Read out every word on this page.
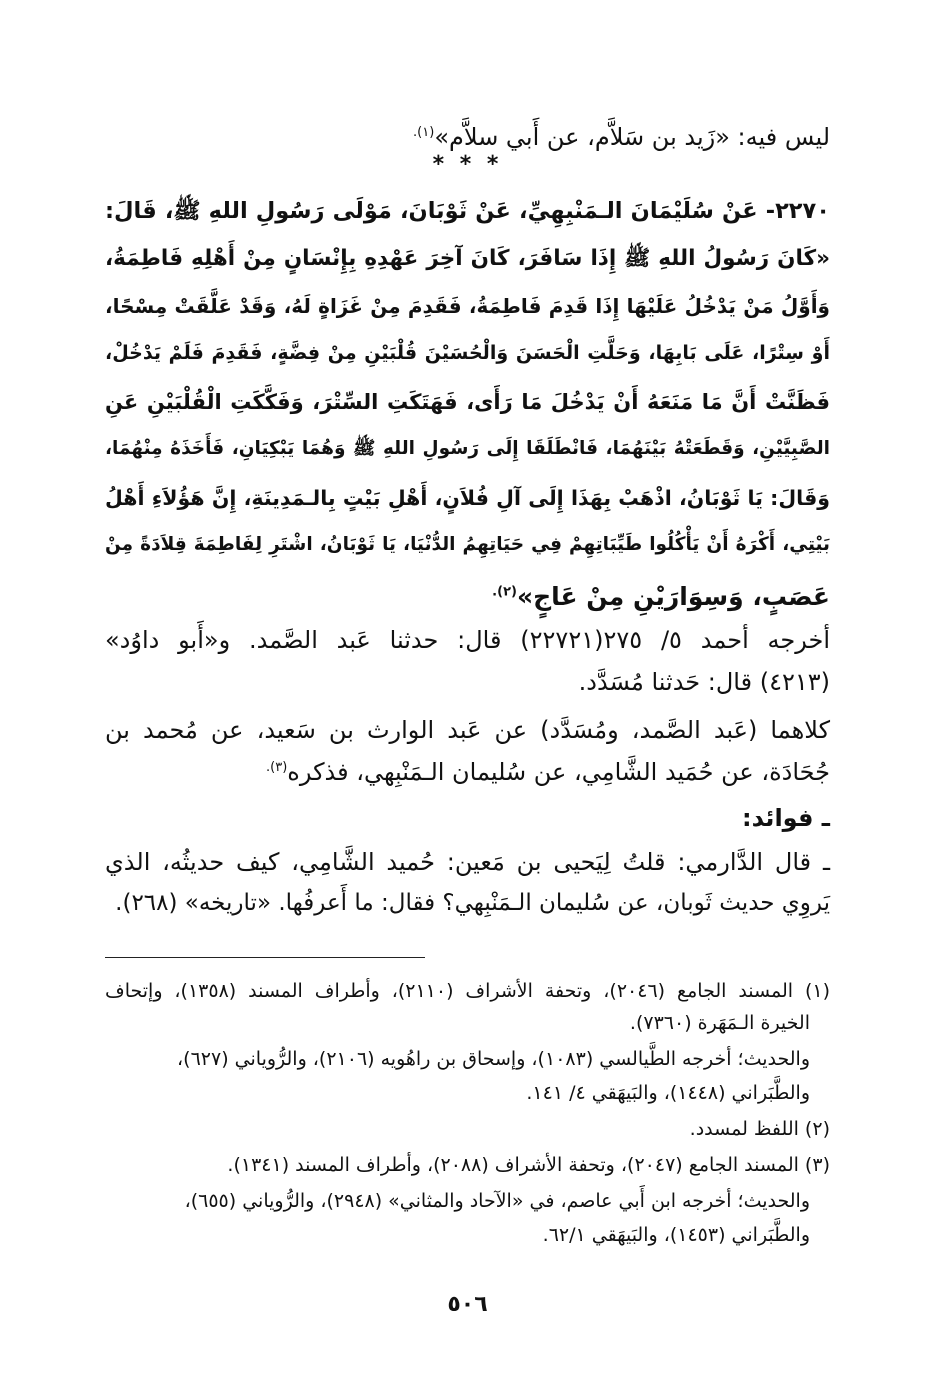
ليس فيه: «زَيد بن سَلاَّم، عن أَبي سلاَّم»$^{(١).}$
* * *
٢٢٧٠- عَنْ سُلَيْمَانَ الـمَنْبِهِيِّ، عَنْ ثَوْبَانَ، مَوْلَى رَسُولِ اللهِ ﷺ، قَالَ:
«كَانَ رَسُولُ اللهِ ﷺ إِذَا سَافَرَ، كَانَ آخِرَ عَهْدِهِ بِإِنْسَانٍ مِنْ أَهْلِهِ فَاطِمَةُ،
وَأَوَّلُ مَنْ يَدْخُلُ عَلَيْهَا إِذَا قَدِمَ فَاطِمَةُ، فَقَدِمَ مِنْ غَزَاةٍ لَهُ، وَقَدْ عَلَّقَتْ مِسْحًا،
أَوْ سِتْرًا، عَلَى بَابِهَا، وَحَلَّتِ الْحَسَنَ وَالْحُسَيْنَ قُلْبَيْنِ مِنْ فِضَّةٍ، فَقَدِمَ فَلَمْ يَدْخُلْ،
فَظَنَّتْ أَنَّ مَا مَنَعَهُ أَنْ يَدْخُلَ مَا رَأَى، فَهَتَكَتِ السِّتْرَ، وَفَكَّكَتِ الْقُلْبَيْنِ عَنِ
الصَّبِيَّيْنِ، وَقَطَعَتْهُ بَيْنَهُمَا، فَانْطَلَقَا إِلَى رَسُولِ اللهِ ﷺ وَهُمَا يَبْكِيَانِ، فَأَخَذَهُ مِنْهُمَا،
وَقَالَ: يَا ثَوْبَانُ، اذْهَبْ بِهَذَا إِلَى آلِ فُلاَنٍ، أَهْلِ بَيْتٍ بِالـمَدِينَةِ، إِنَّ هَؤُلاَءِ أَهْلُ
بَيْتِي، أَكْرَهُ أَنْ يَأْكُلُوا طَيِّبَاتِهِمْ فِي حَيَاتِهِمُ الدُّنْيَا، يَا ثَوْبَانُ، اشْتَرِ لِفَاطِمَةَ قِلاَدَةً مِنْ
عَصَبٍ، وَسِوَارَيْنِ مِنْ عَاجٍ»$^{(٢).}$
أخرجه أحمد ٥/ ٢٧٥(٢٢٧٢١) قال: حدثنا عَبد الصَّمد. و«أَبو داوُد»
(٤٢١٣) قال: حَدثنا مُسَدَّد.
كلاهما (عَبد الصَّمد، ومُسَدَّد) عن عَبد الوارث بن سَعيد، عن مُحمد بن
جُحَادَة، عن حُمَيد الشَّامِي، عن سُليمان الـمَنْبِهي، فذكره$^{(٣).}$
ـ فوائد:
ـ قال الدَّارمي: قلتُ لِيَحيى بن مَعين: حُميد الشَّامِي، كيف حديثُه، الذي
يَروِي حديث ثَوبان، عن سُليمان الـمَنْبِهي؟ فقال: ما أَعرفُها. «تاريخه» (٢٦٨).
(١) المسند الجامع (٢٠٤٦)، وتحفة الأشراف (٢١١٠)، وأطراف المسند (١٣٥٨)، وإتحاف
الخيرة الـمَهَرة (٧٣٦٠).
والحديث؛ أخرجه الطَّيالسي (١٠٨٣)، وإسحاق بن راهُويه (٢١٠٦)، والرُّوياني (٦٢٧)،
والطَّبَراني (١٤٤٨)، والبَيهَقي ٤/ ١٤١.
(٢) اللفظ لمسدد.
(٣) المسند الجامع (٢٠٤٧)، وتحفة الأشراف (٢٠٨٨)، وأطراف المسند (١٣٤١).
والحديث؛ أخرجه ابن أَبي عاصم، في «الآحاد والمثاني» (٢٩٤٨)، والرُّوياني (٦٥٥)،
والطَّبَراني (١٤٥٣)، والبَيهَقي ٦٢/١.
٥٠٦
